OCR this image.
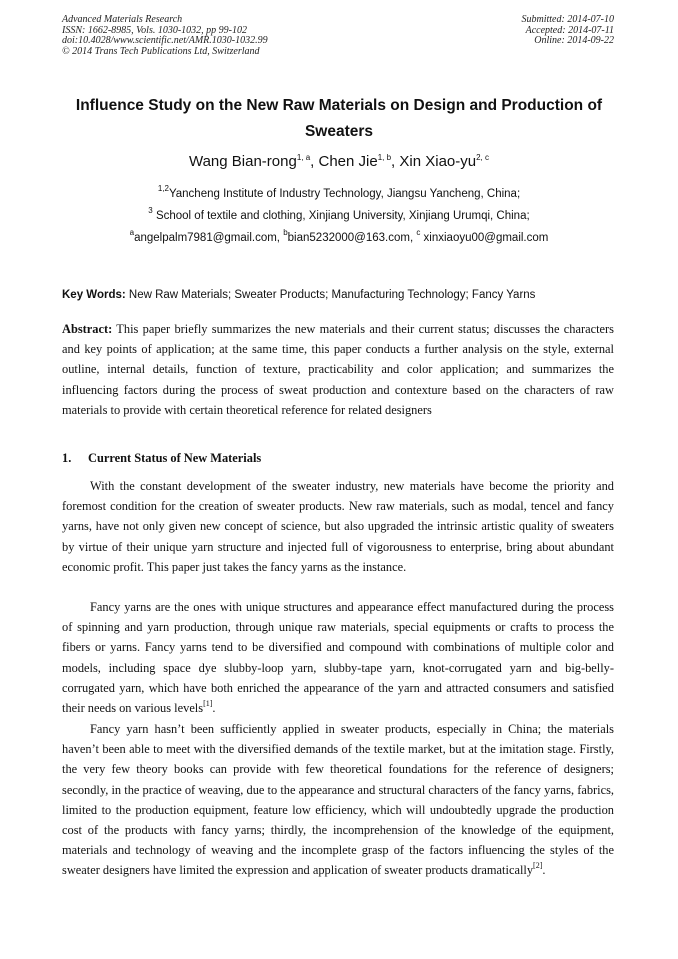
Advanced Materials Research
ISSN: 1662-8985, Vols. 1030-1032, pp 99-102
doi:10.4028/www.scientific.net/AMR.1030-1032.99
© 2014 Trans Tech Publications Ltd, Switzerland
Submitted: 2014-07-10
Accepted: 2014-07-11
Online: 2014-09-22
Influence Study on the New Raw Materials on Design and Production of Sweaters
Wang Bian-rong$^{1, a}$, Chen Jie$^{1, b}$, Xin Xiao-yu$^{2, c}$
$^{1,2}$Yancheng Institute of Industry Technology, Jiangsu Yancheng, China;
$^3$ School of textile and clothing, Xinjiang University, Xinjiang Urumqi, China;
$^a$angelpalm7981@gmail.com, $^b$bian5232000@163.com, $^c$ xinxiaoyu00@gmail.com
Key Words: New Raw Materials; Sweater Products; Manufacturing Technology; Fancy Yarns
Abstract: This paper briefly summarizes the new materials and their current status; discusses the characters and key points of application; at the same time, this paper conducts a further analysis on the style, external outline, internal details, function of texture, practicability and color application; and summarizes the influencing factors during the process of sweat production and contexture based on the characters of raw materials to provide with certain theoretical reference for related designers
1. Current Status of New Materials
With the constant development of the sweater industry, new materials have become the priority and foremost condition for the creation of sweater products. New raw materials, such as modal, tencel and fancy yarns, have not only given new concept of science, but also upgraded the intrinsic artistic quality of sweaters by virtue of their unique yarn structure and injected full of vigorousness to enterprise, bring about abundant economic profit. This paper just takes the fancy yarns as the instance.
Fancy yarns are the ones with unique structures and appearance effect manufactured during the process of spinning and yarn production, through unique raw materials, special equipments or crafts to process the fibers or yarns. Fancy yarns tend to be diversified and compound with combinations of multiple color and models, including space dye slubby-loop yarn, slubby-tape yarn, knot-corrugated yarn and big-belly-corrugated yarn, which have both enriched the appearance of the yarn and attracted consumers and satisfied their needs on various levels[1].
Fancy yarn hasn’t been sufficiently applied in sweater products, especially in China; the materials haven’t been able to meet with the diversified demands of the textile market, but at the imitation stage. Firstly, the very few theory books can provide with few theoretical foundations for the reference of designers; secondly, in the practice of weaving, due to the appearance and structural characters of the fancy yarns, fabrics, limited to the production equipment, feature low efficiency, which will undoubtedly upgrade the production cost of the products with fancy yarns; thirdly, the incomprehension of the knowledge of the equipment, materials and technology of weaving and the incomplete grasp of the factors influencing the styles of the sweater designers have limited the expression and application of sweater products dramatically[2].
